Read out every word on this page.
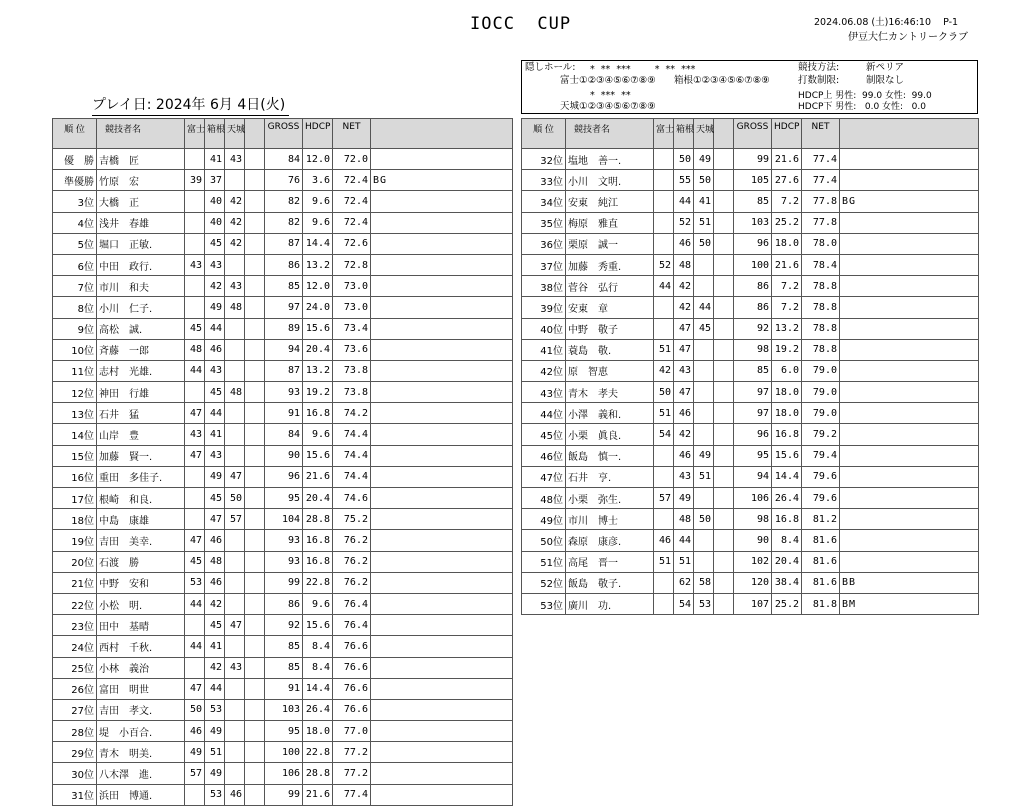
IOCC  CUP	2024.06.08 (土)16:46:10 P-1
伊豆大仁カントリークラブ
隠しホール: *  **  ***        *  **  ***
富士①②③④⑤⑥⑦⑧⑨ 箱根①②③④⑤⑥⑦⑧⑨
*  ***  **
天城①②③④⑤⑥⑦⑧⑨
競技方法:	新ペリア
打数制限:	制限なし
HDCP上 男性:  99.0 女性:  99.0
HDCP下 男性:   0.0 女性:   0.0
プレイ日: 2024年 6月 4日(火)
順 位	競技者名	富士	箱根	天城		GROSS	HDCP	NET	
優　勝	吉橋　匠		41	43		84	12.0	72.0	
準優勝	竹原　宏	39	37			76	3.6	72.4	BG
3位	大橋　正		40	42		82	9.6	72.4	
4位	浅井　春雄		40	42		82	9.6	72.4	
5位	堀口　正敏.		45	42		87	14.4	72.6	
6位	中田　政行.	43	43			86	13.2	72.8	
7位	市川　和夫		42	43		85	12.0	73.0	
8位	小川　仁子.		49	48		97	24.0	73.0	
9位	高松　誠.	45	44			89	15.6	73.4	
10位	斉藤　一郎	48	46			94	20.4	73.6	
11位	志村　光雄.	44	43			87	13.2	73.8	
12位	神田　行雄		45	48		93	19.2	73.8	
13位	石井　猛	47	44			91	16.8	74.2	
14位	山岸　豊	43	41			84	9.6	74.4	
15位	加藤　賢一.	47	43			90	15.6	74.4	
16位	重田　多佳子.		49	47		96	21.6	74.4	
17位	根崎　和良.		45	50		95	20.4	74.6	
18位	中島　康雄		47	57		104	28.8	75.2	
19位	吉田　美幸.	47	46			93	16.8	76.2	
20位	石渡　勝	45	48			93	16.8	76.2	
21位	中野　安和	53	46			99	22.8	76.2	
22位	小松　明.	44	42			86	9.6	76.4	
23位	田中　基晴		45	47		92	15.6	76.4	
24位	西村　千秋.	44	41			85	8.4	76.6	
25位	小林　義治		42	43		85	8.4	76.6	
26位	富田　明世	47	44			91	14.4	76.6	
27位	吉田　孝文.	50	53			103	26.4	76.6	
28位	堤　小百合.	46	49			95	18.0	77.0	
29位	青木　明美.	49	51			100	22.8	77.2	
30位	八木澤　進.	57	49			106	28.8	77.2	
31位	浜田　博通.		53	46		99	21.6	77.4	
順 位	競技者名	富士	箱根	天城		GROSS	HDCP	NET	
32位	塩地　善一.		50	49		99	21.6	77.4	
33位	小川　文明.		55	50		105	27.6	77.4	
34位	安東　純江		44	41		85	7.2	77.8	BG
35位	梅原　雅直		52	51		103	25.2	77.8	
36位	栗原　誠一		46	50		96	18.0	78.0	
37位	加藤　秀重.	52	48			100	21.6	78.4	
38位	菅谷　弘行	44	42			86	7.2	78.8	
39位	安東　章		42	44		86	7.2	78.8	
40位	中野　敬子		47	45		92	13.2	78.8	
41位	蓑島　敬.	51	47			98	19.2	78.8	
42位	原　智恵	42	43			85	6.0	79.0	
43位	青木　孝夫	50	47			97	18.0	79.0	
44位	小澤　義和.	51	46			97	18.0	79.0	
45位	小栗　眞良.	54	42			96	16.8	79.2	
46位	飯島　慎一.		46	49		95	15.6	79.4	
47位	石井　亨.		43	51		94	14.4	79.6	
48位	小栗　弥生.	57	49			106	26.4	79.6	
49位	市川　博士		48	50		98	16.8	81.2	
50位	森原　康彦.	46	44			90	8.4	81.6	
51位	高尾　晋一	51	51			102	20.4	81.6	
52位	飯島　敬子.		62	58		120	38.4	81.6	BB
53位	廣川　功.		54	53		107	25.2	81.8	BM
